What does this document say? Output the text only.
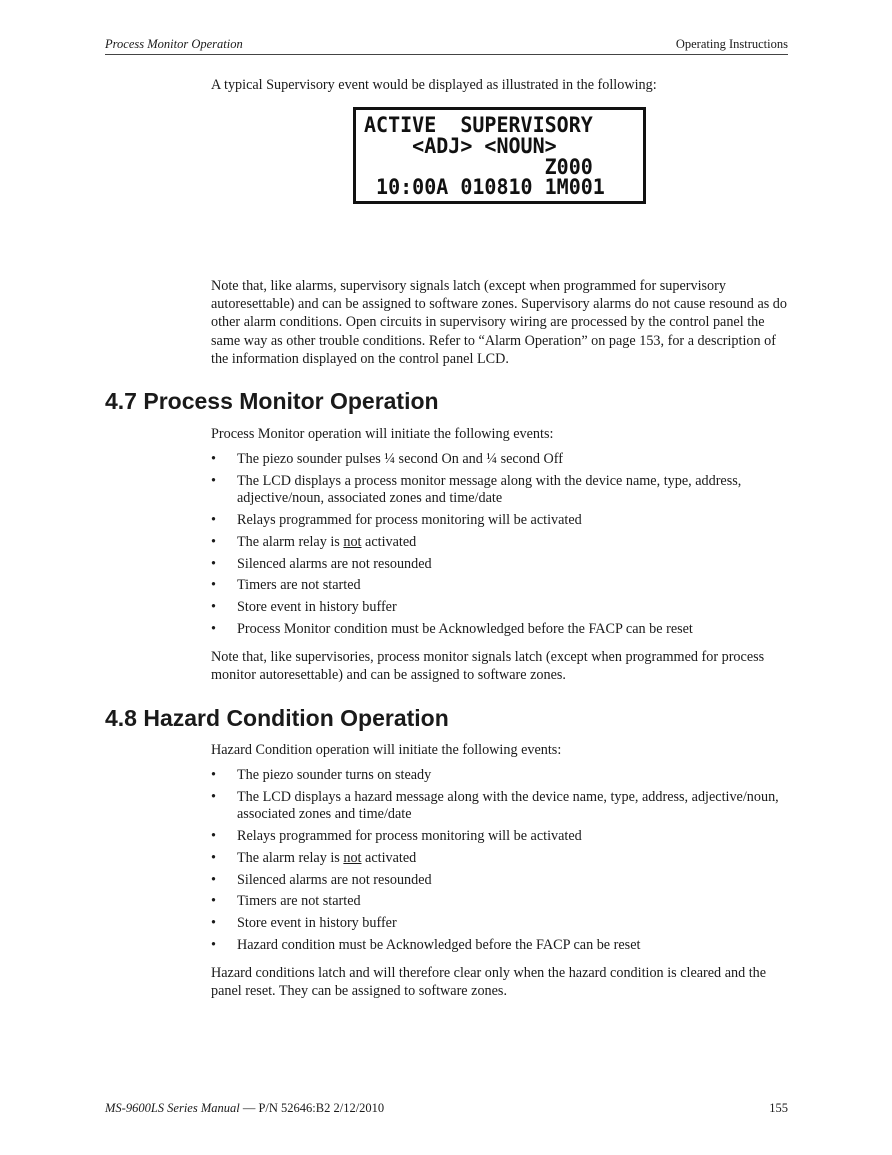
Process Monitor Operation	Operating Instructions

A typical Supervisory event would be displayed as illustrated in the following:

ACTIVE  SUPERVISORY
<ADJ> <NOUN>
Z000
10:00A 010810 1M001

Note that, like alarms, supervisory signals latch (except when programmed for supervisory autoresettable) and can be assigned to software zones. Supervisory alarms do not cause resound as do other alarm conditions. Open circuits in supervisory wiring are processed by the control panel the same way as other trouble conditions. Refer to “Alarm Operation” on page 153, for a description of the information displayed on the control panel LCD.

4.7 Process Monitor Operation

Process Monitor operation will initiate the following events:

• The piezo sounder pulses ¼ second On and ¼ second Off
• The LCD displays a process monitor message along with the device name, type, address, adjective/noun, associated zones and time/date
• Relays programmed for process monitoring will be activated
• The alarm relay is not activated
• Silenced alarms are not resounded
• Timers are not started
• Store event in history buffer
• Process Monitor condition must be Acknowledged before the FACP can be reset

Note that, like supervisories, process monitor signals latch (except when programmed for process monitor autoresettable) and can be assigned to software zones.

4.8 Hazard Condition Operation

Hazard Condition operation will initiate the following events:

• The piezo sounder turns on steady
• The LCD displays a hazard message along with the device name, type, address, adjective/noun, associated zones and time/date
• Relays programmed for process monitoring will be activated
• The alarm relay is not activated
• Silenced alarms are not resounded
• Timers are not started
• Store event in history buffer
• Hazard condition must be Acknowledged before the FACP can be reset

Hazard conditions latch and will therefore clear only when the hazard condition is cleared and the panel reset. They can be assigned to software zones.

MS-9600LS Series Manual — P/N 52646:B2 2/12/2010	155
